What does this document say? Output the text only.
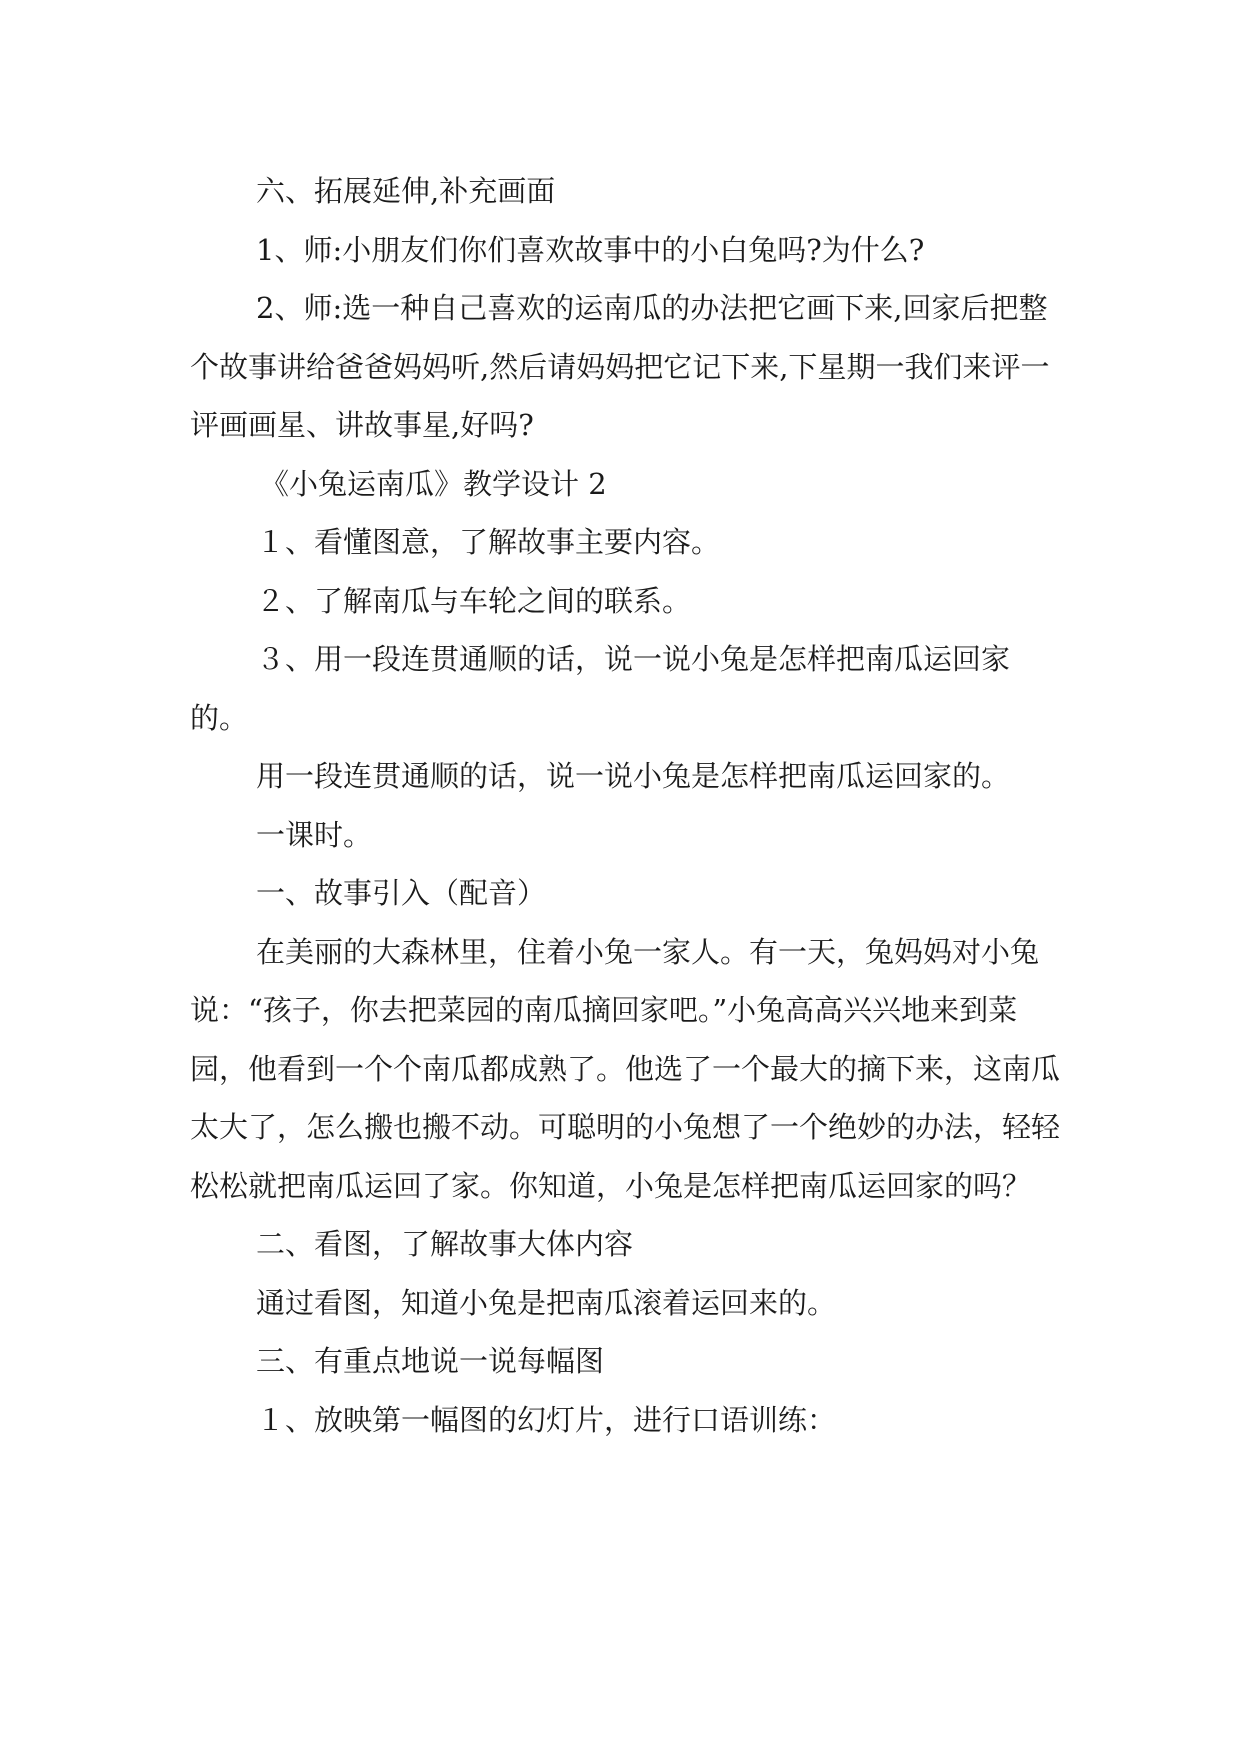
六、拓展延伸,补充画面

1、师:小朋友们你们喜欢故事中的小白兔吗?为什么?

2、师:选一种自己喜欢的运南瓜的办法把它画下来,回家后把整个故事讲给爸爸妈妈听,然后请妈妈把它记下来,下星期一我们来评一评画画星、讲故事星,好吗?

《小兔运南瓜》教学设计 2

１、看懂图意，了解故事主要内容。

２、了解南瓜与车轮之间的联系。

３、用一段连贯通顺的话，说一说小兔是怎样把南瓜运回家的。

用一段连贯通顺的话，说一说小兔是怎样把南瓜运回家的。

一课时。

一、故事引入（配音）

在美丽的大森林里，住着小兔一家人。有一天，兔妈妈对小兔说：“孩子，你去把菜园的南瓜摘回家吧。”小兔高高兴兴地来到菜园，他看到一个个南瓜都成熟了。他选了一个最大的摘下来，这南瓜太大了，怎么搬也搬不动。可聪明的小兔想了一个绝妙的办法，轻轻松松就把南瓜运回了家。你知道，小兔是怎样把南瓜运回家的吗？

二、看图，了解故事大体内容

通过看图，知道小兔是把南瓜滚着运回来的。

三、有重点地说一说每幅图

１、放映第一幅图的幻灯片，进行口语训练：
